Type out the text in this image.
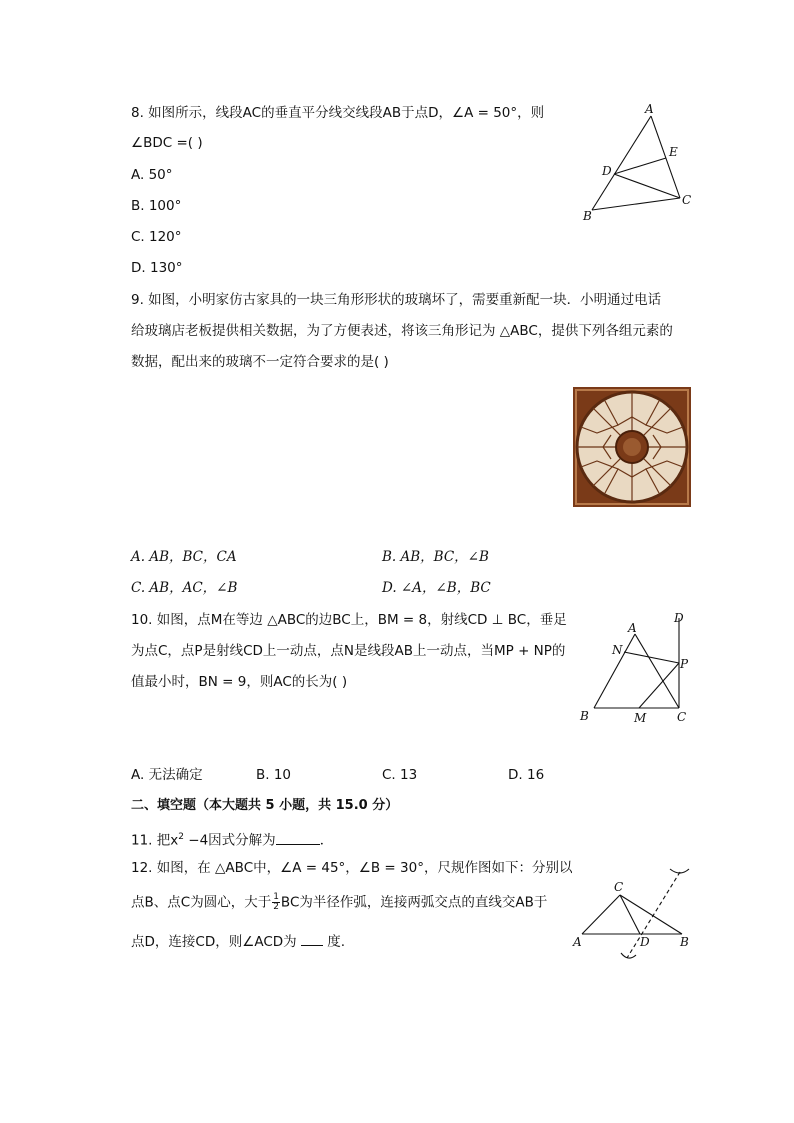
8. 如图所示，线段AC的垂直平分线交线段AB于点D，∠A = 50°，则
∠BDC =( )
A. 50°
B. 100°
C. 120°
D. 130°
A
E
D
C
B
9. 如图，小明家仿古家具的一块三角形形状的玻璃坏了，需要重新配一块．小明通过电话
给玻璃店老板提供相关数据，为了方便表述，将该三角形记为 △ABC，提供下列各组元素的
数据，配出来的玻璃不一定符合要求的是( )
A. AB，BC，CA	B. AB，BC，∠B
C. AB，AC，∠B	D. ∠A，∠B，BC
10. 如图，点M在等边 △ABC的边BC上，BM = 8，射线CD ⊥ BC，垂足
为点C，点P是射线CD上一动点，点N是线段AB上一动点，当MP + NP的
值最小时，BN = 9，则AC的长为( )
A
D
N
P
B	M	C
A. 无法确定	B. 10	C. 13	D. 16
二、填空题（本大题共 5 小题，共 15.0 分）
11. 把$x^2 -4$因式分解为	．
12. 如图，在 △ABC中，∠A = 45°，∠B = 30°，尺规作图如下：分别以
点B、点C为圆心，大于 $\frac{1}{2}$ BC为半径作弧，连接两弧交点的直线交AB于
点D，连接CD，则∠ACD为  度.
C
A	D	B
